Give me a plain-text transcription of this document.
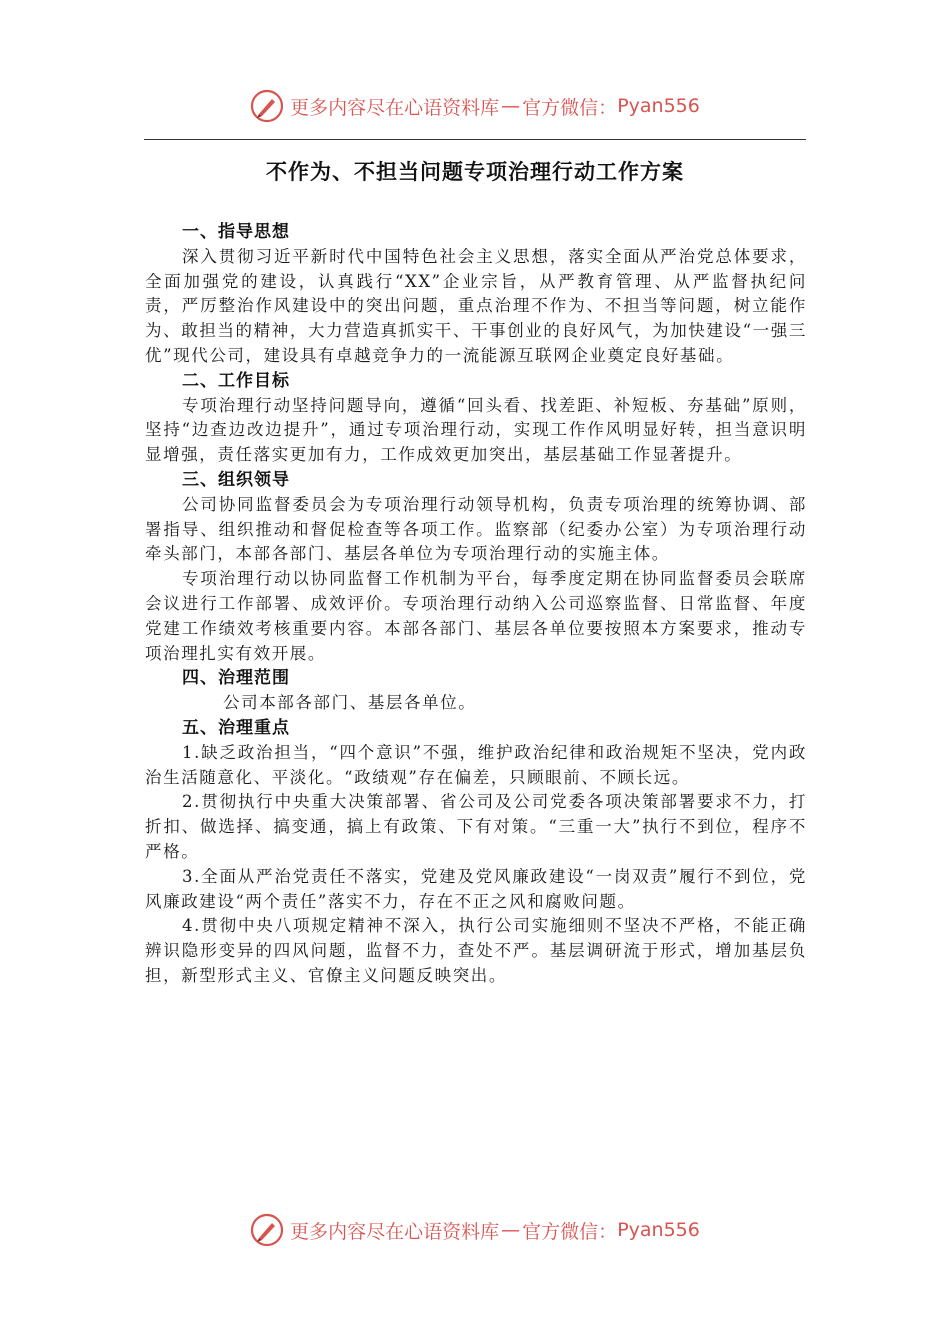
更多内容尽在心语资料库 — 官方微信： Pyan556
不作为、不担当问题专项治理行动工作方案
一、指导思想

深入贯彻习近平新时代中国特色社会主义思想，落实全面从严治党总体要求，全面加强党的建设，认真践行“XX”企业宗旨，从严教育管理、从严监督执纪问责，严厉整治作风建设中的突出问题，重点治理不作为、不担当等问题，树立能作为、敢担当的精神，大力营造真抓实干、干事创业的良好风气，为加快建设“一强三优”现代公司，建设具有卓越竞争力的一流能源互联网企业奠定良好基础。

二、工作目标

专项治理行动坚持问题导向，遵循“回头看、找差距、补短板、夯基础”原则，坚持“边查边改边提升”，通过专项治理行动，实现工作作风明显好转，担当意识明显增强，责任落实更加有力，工作成效更加突出，基层基础工作显著提升。

三、组织领导

公司协同监督委员会为专项治理行动领导机构，负责专项治理的统筹协调、部署指导、组织推动和督促检查等各项工作。监察部（纪委办公室）为专项治理行动牵头部门，本部各部门、基层各单位为专项治理行动的实施主体。

专项治理行动以协同监督工作机制为平台，每季度定期在协同监督委员会联席会议进行工作部署、成效评价。专项治理行动纳入公司巡察监督、日常监督、年度党建工作绩效考核重要内容。本部各部门、基层各单位要按照本方案要求，推动专项治理扎实有效开展。

四、治理范围

公司本部各部门、基层各单位。

五、治理重点

1.缺乏政治担当，“四个意识”不强，维护政治纪律和政治规矩不坚决，党内政治生活随意化、平淡化。“政绩观”存在偏差，只顾眼前、不顾长远。

2.贯彻执行中央重大决策部署、省公司及公司党委各项决策部署要求不力，打折扣、做选择、搞变通，搞上有政策、下有对策。“三重一大”执行不到位，程序不严格。

3.全面从严治党责任不落实，党建及党风廉政建设“一岗双责”履行不到位，党风廉政建设“两个责任”落实不力，存在不正之风和腐败问题。

4.贯彻中央八项规定精神不深入，执行公司实施细则不坚决不严格，不能正确辨识隐形变异的四风问题，监督不力，查处不严。基层调研流于形式，增加基层负担，新型形式主义、官僚主义问题反映突出。

更多内容尽在心语资料库 — 官方微信： Pyan556
